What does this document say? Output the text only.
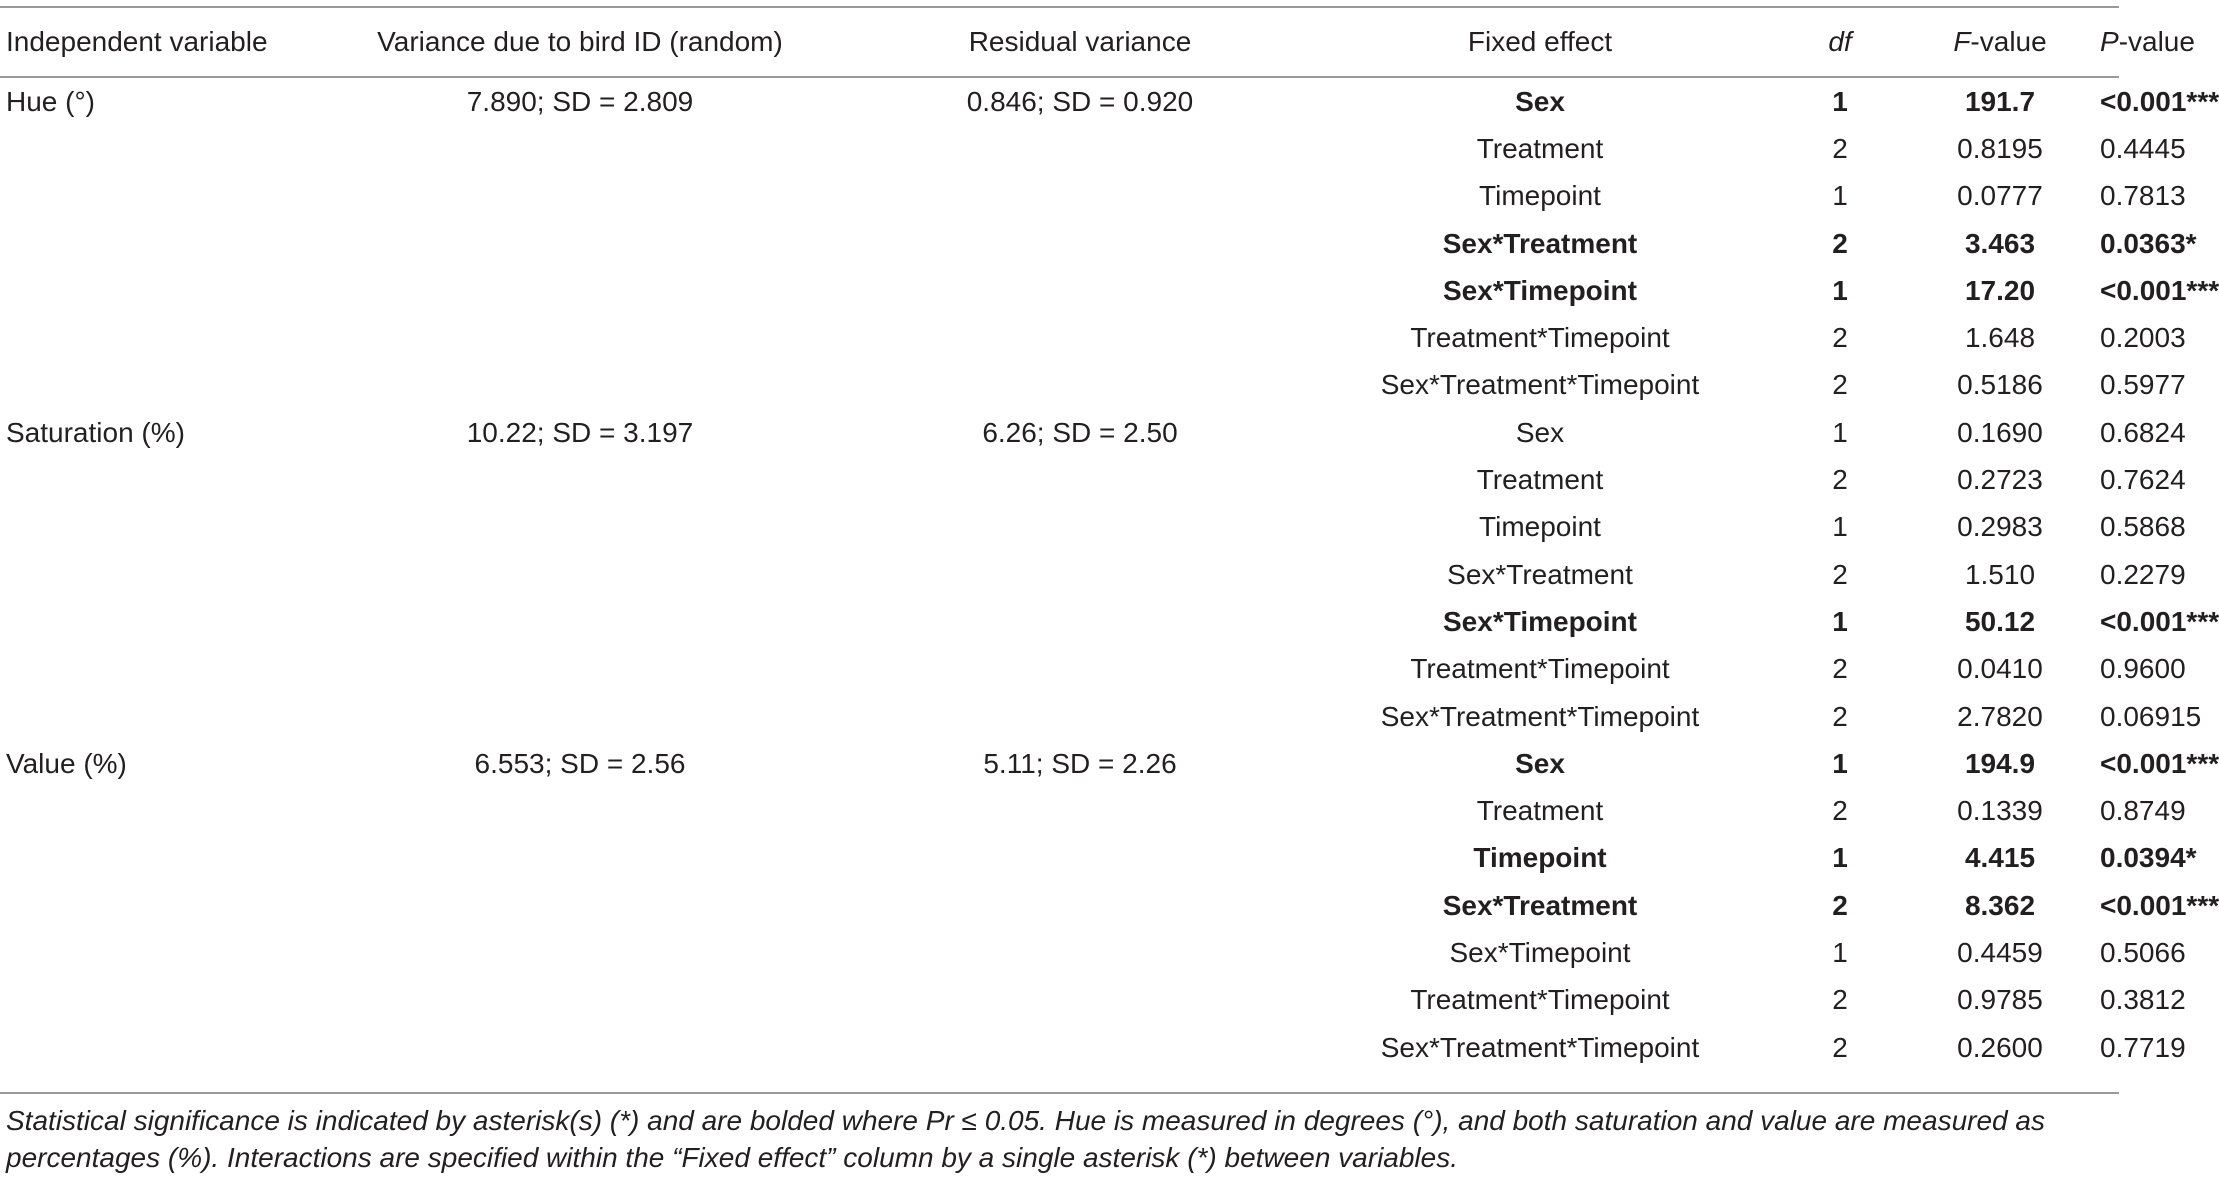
Independent variable	Variance due to bird ID (random)	Residual variance	Fixed effect	df	F-value	P-value
Hue (°)	7.890; SD = 2.809	0.846; SD = 0.920	Sex	1	191.7	<0.001***
			Treatment	2	0.8195	0.4445
			Timepoint	1	0.0777	0.7813
			Sex*Treatment	2	3.463	0.0363*
			Sex*Timepoint	1	17.20	<0.001***
			Treatment*Timepoint	2	1.648	0.2003
			Sex*Treatment*Timepoint	2	0.5186	0.5977
Saturation (%)	10.22; SD = 3.197	6.26; SD = 2.50	Sex	1	0.1690	0.6824
			Treatment	2	0.2723	0.7624
			Timepoint	1	0.2983	0.5868
			Sex*Treatment	2	1.510	0.2279
			Sex*Timepoint	1	50.12	<0.001***
			Treatment*Timepoint	2	0.0410	0.9600
			Sex*Treatment*Timepoint	2	2.7820	0.06915
Value (%)	6.553; SD = 2.56	5.11; SD = 2.26	Sex	1	194.9	<0.001***
			Treatment	2	0.1339	0.8749
			Timepoint	1	4.415	0.0394*
			Sex*Treatment	2	8.362	<0.001***
			Sex*Timepoint	1	0.4459	0.5066
			Treatment*Timepoint	2	0.9785	0.3812
			Sex*Treatment*Timepoint	2	0.2600	0.7719

Statistical significance is indicated by asterisk(s) (*) and are bolded where Pr ≤ 0.05. Hue is measured in degrees (°), and both saturation and value are measured as

percentages (%). Interactions are specified within the “Fixed effect” column by a single asterisk (*) between variables.
